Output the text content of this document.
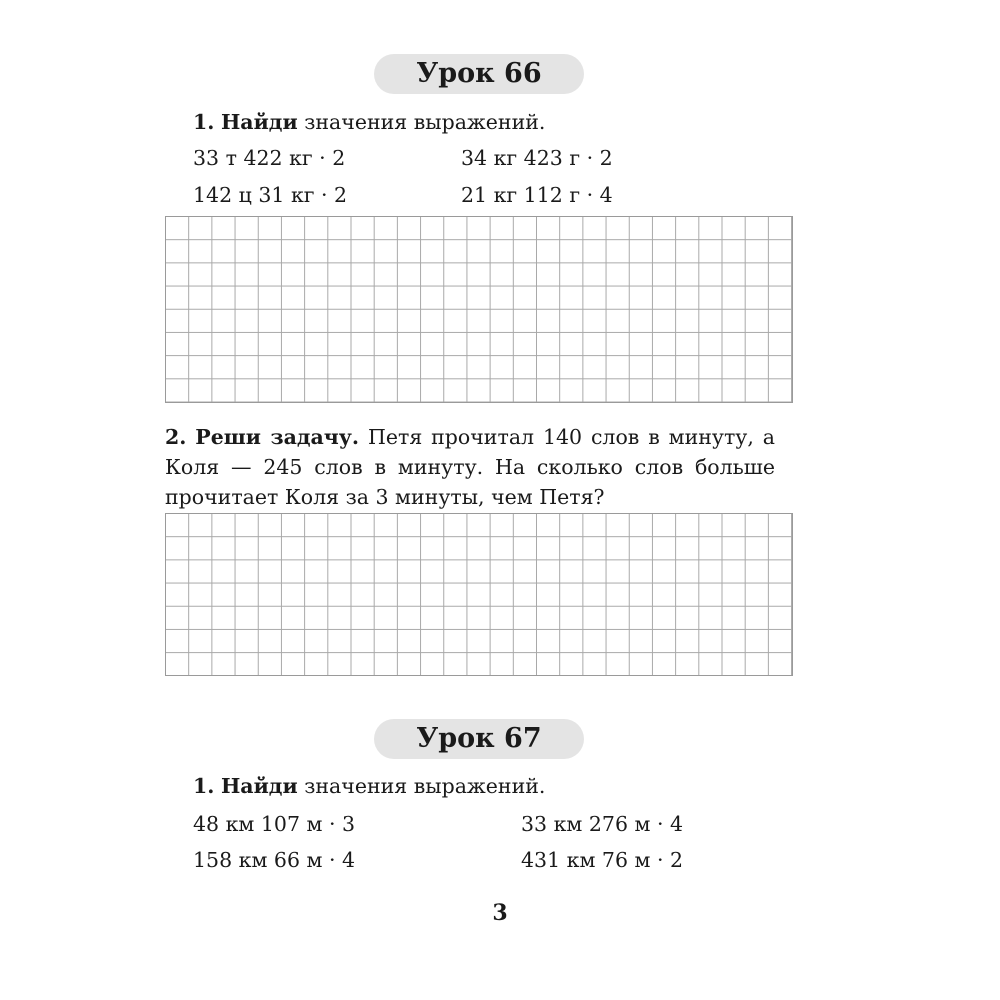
Урок 66
1. Найди значения выражений.
33 т 422 кг · 2	34 кг 423 г · 2
142 ц 31 кг · 2	21 кг 112 г · 4
2. Реши задачу. Петя прочитал 140 слов в минуту, а Коля — 245 слов в минуту. На сколько слов больше прочитает Коля за 3 минуты, чем Петя?
Урок 67
1. Найди значения выражений.
48 км 107 м · 3	33 км 276 м · 4
158 км 66 м · 4	431 км 76 м · 2
3
